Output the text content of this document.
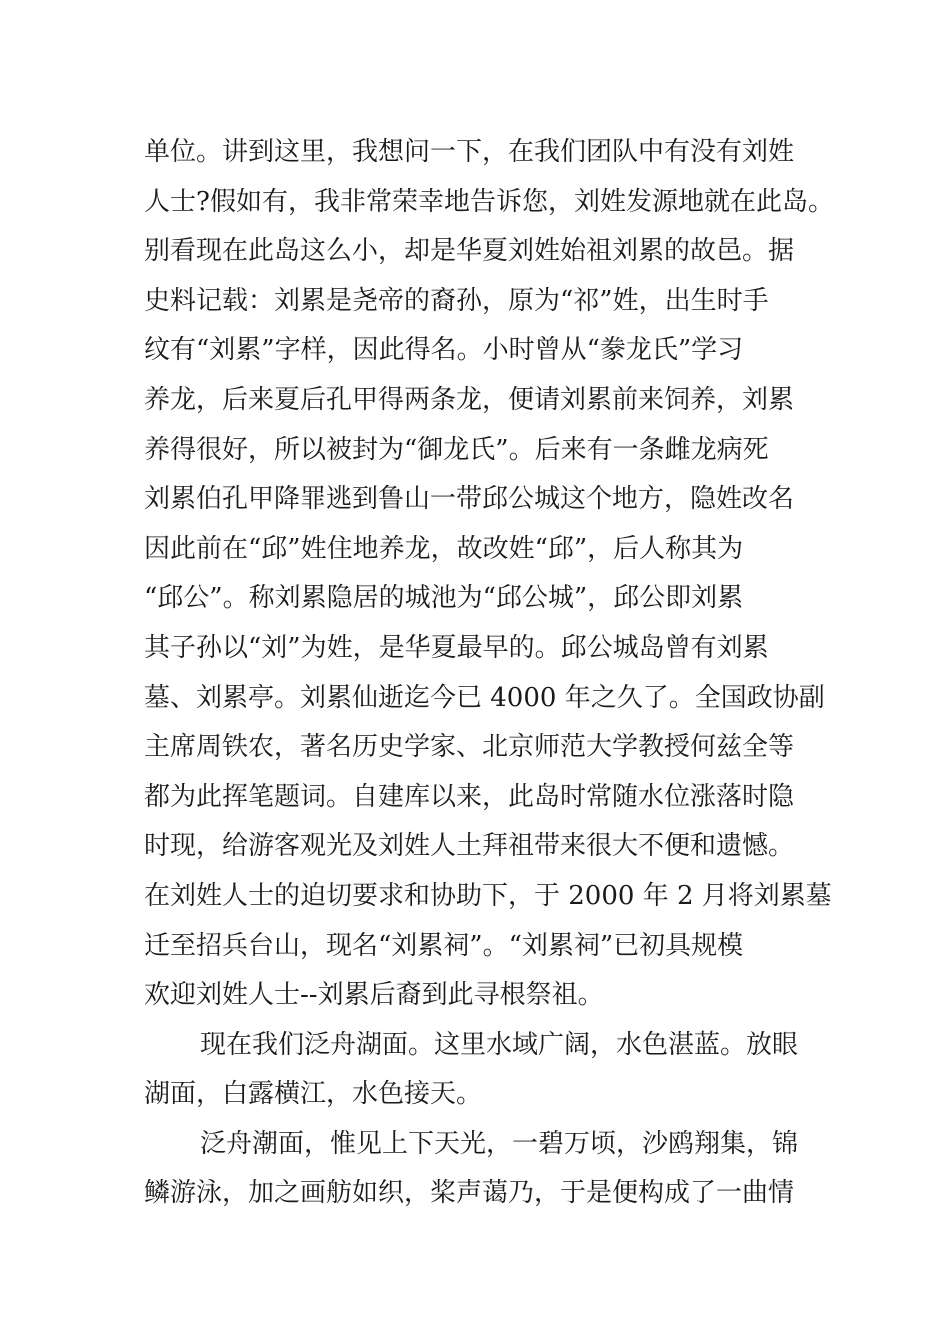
单位。讲到这里，我想问一下，在我们团队中有没有刘姓
人士?假如有，我非常荣幸地告诉您，刘姓发源地就在此岛。
别看现在此岛这么小，却是华夏刘姓始祖刘累的故邑。据
史料记载：刘累是尧帝的裔孙，原为“祁”姓，出生时手
纹有“刘累”字样，因此得名。小时曾从“豢龙氏”学习
养龙，后来夏后孔甲得两条龙，便请刘累前来饲养，刘累
养得很好，所以被封为“御龙氏”。后来有一条雌龙病死
刘累伯孔甲降罪逃到鲁山一带邱公城这个地方，隐姓改名
因此前在“邱”姓住地养龙，故改姓“邱”，后人称其为
“邱公”。称刘累隐居的城池为“邱公城”，邱公即刘累
其子孙以“刘”为姓，是华夏最早的。邱公城岛曾有刘累
墓、刘累亭。刘累仙逝迄今已 4000 年之久了。全国政协副
主席周铁农，著名历史学家、北京师范大学教授何兹全等
都为此挥笔题词。自建库以来，此岛时常随水位涨落时隐
时现，给游客观光及刘姓人土拜祖带来很大不便和遗憾。
在刘姓人士的迫切要求和协助下，于 2000 年 2 月将刘累墓
迁至招兵台山，现名“刘累祠”。“刘累祠”已初具规模
欢迎刘姓人士--刘累后裔到此寻根祭祖。
现在我们泛舟湖面。这里水域广阔，水色湛蓝。放眼
湖面，白露横江，水色接天。
泛舟潮面，惟见上下天光，一碧万顷，沙鸥翔集，锦
鳞游泳，加之画舫如织，桨声蔼乃，于是便构成了一曲情
